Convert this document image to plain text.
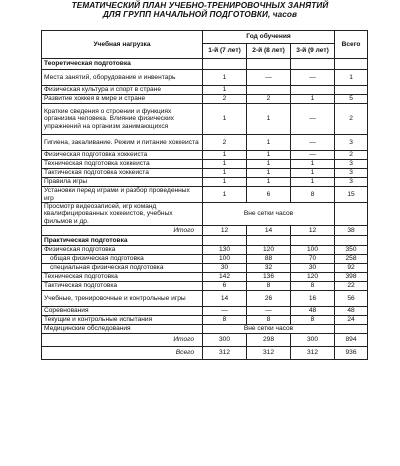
ТЕМАТИЧЕСКИЙ ПЛАН УЧЕБНО-ТРЕНИРОВОЧНЫХ ЗАНЯТИЙ
ДЛЯ ГРУПП НАЧАЛЬНОЙ ПОДГОТОВКИ, часов
Учебная нагрузка	Год обучения			Всего
	1-й (7 лет)	2-й (8 лет)	3-й (9 лет)	
Теоретическая подготовка				
Места занятий, оборудование и инвентарь	1	—	—	1
Физическая культура и спорт в стране	1			
Развитие хоккея в мире и стране	2	2	1	5
Краткие сведения о строении и функциях организма человека. Влияние физических упражнений на организм занимающихся	1	1	—	2
Гигиена, закаливание. Режим и питание хоккеиста	2	1	—	3
Физическая подготовка хоккеиста	1	1	—	2
Техническая подготовка хоккеиста	1	1	1	3
Тактическая подготовка хоккеиста	1	1	1	3
Правила игры	1	1	1	3
Установки перед играми и разбор проведенных игр	1	6	8	15
Просмотр видеозаписей, игр команд квалифицированных хоккеистов, учебных фильмов и др.	Вне сетки часов			
Итого	12	14	12	38
Практическая подготовка				
Физическая подготовка	130	120	100	350
общая физическая подготовка	100	88	70	258
специальная физическая подготовка	30	32	30	92
Техническая подготовка	142	136	120	398
Тактическая подготовка	6	8	8	22
Учебные, тренировочные и контрольные игры	14	26	16	56
Соревнования	—	—	48	48
Текущие и контрольные испытания	8	8	8	24
Медицинские обследования	Вне сетки часов			
Итого	300	298	300	894
Всего	312	312	312	936
